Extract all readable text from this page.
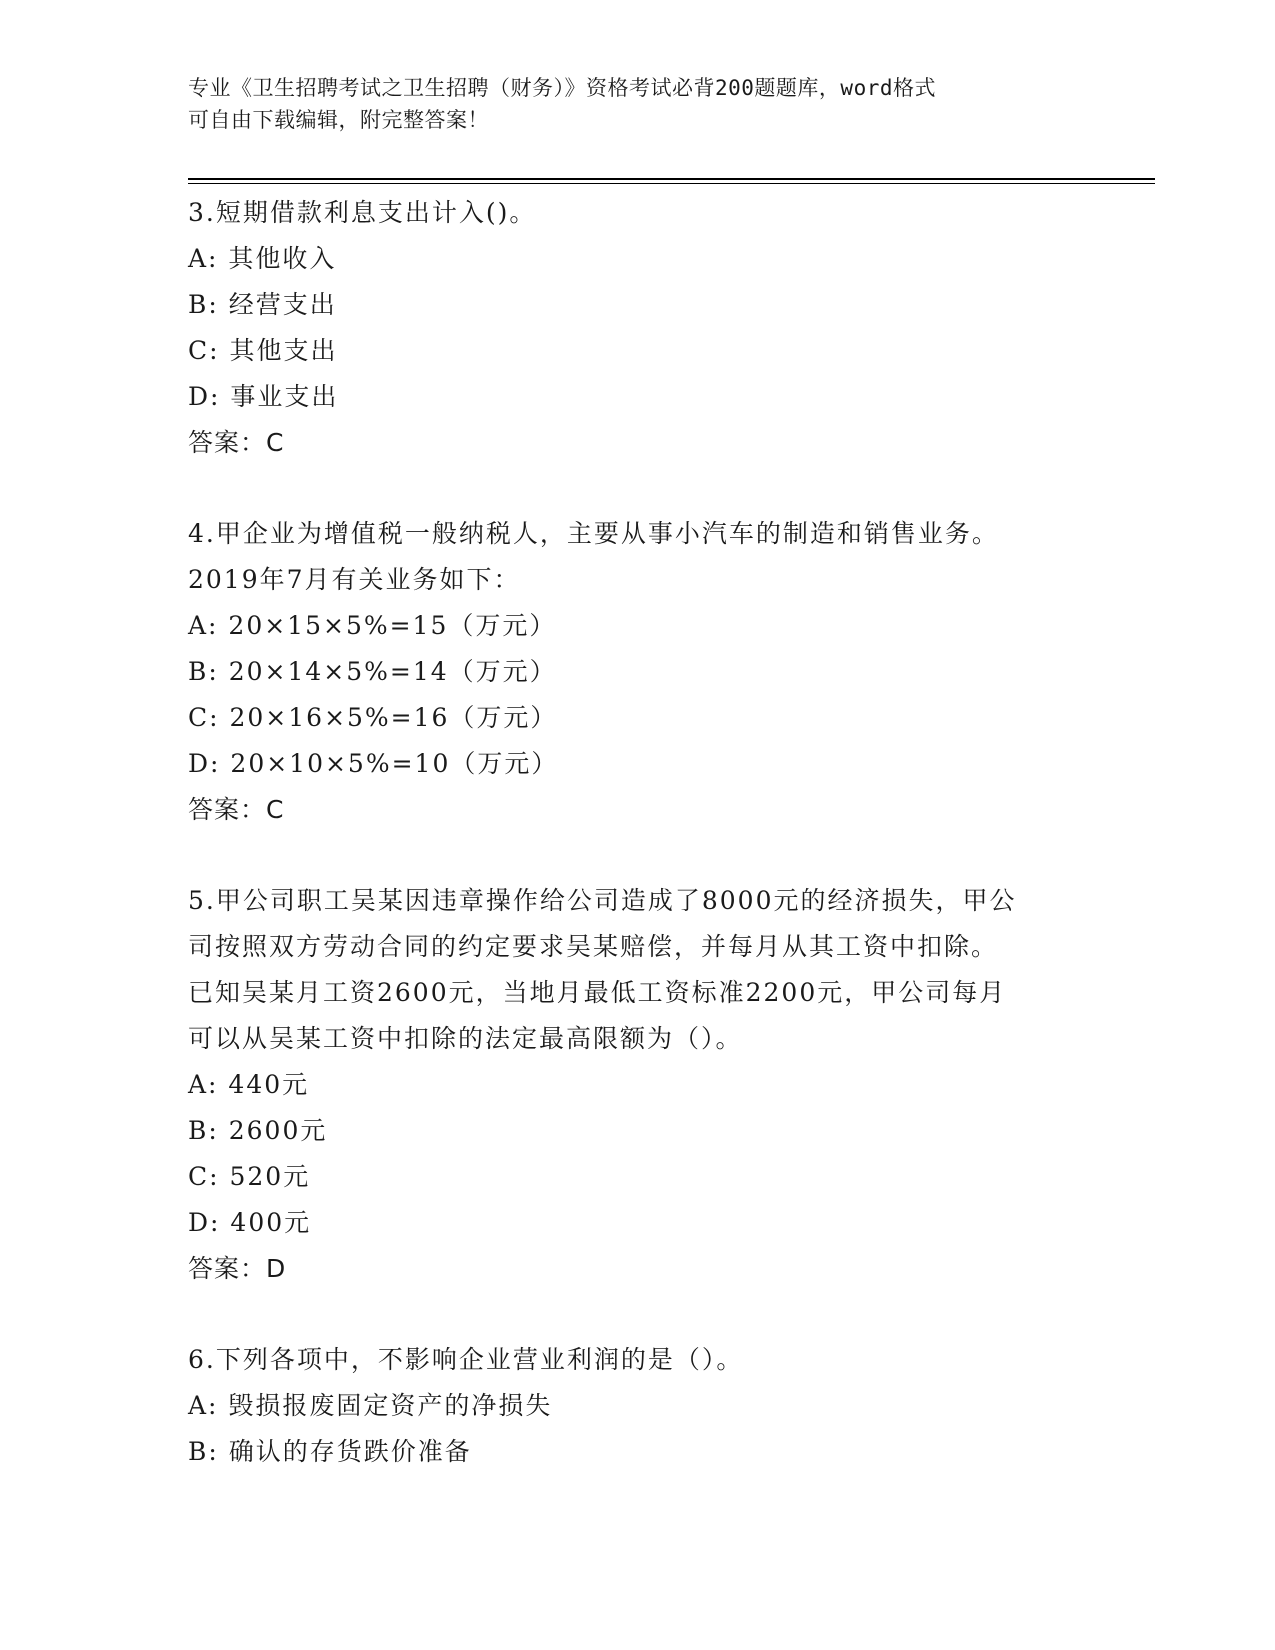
专业《卫生招聘考试之卫生招聘（财务）》资格考试必背200题题库，word格式
可自由下载编辑，附完整答案！
3.短期借款利息支出计入()。
A: 其他收入
B: 经营支出
C: 其他支出
D: 事业支出
答案：C
4.甲企业为增值税一般纳税人，主要从事小汽车的制造和销售业务。
2019年7月有关业务如下：
A: 20×15×5%=15（万元）
B: 20×14×5%=14（万元）
C: 20×16×5%=16（万元）
D: 20×10×5%=10（万元）
答案：C
5.甲公司职工吴某因违章操作给公司造成了8000元的经济损失，甲公
司按照双方劳动合同的约定要求吴某赔偿，并每月从其工资中扣除。
已知吴某月工资2600元，当地月最低工资标准2200元，甲公司每月
可以从吴某工资中扣除的法定最高限额为（）。
A: 440元
B: 2600元
C: 520元
D: 400元
答案：D
6.下列各项中，不影响企业营业利润的是（）。
A: 毁损报废固定资产的净损失
B: 确认的存货跌价准备
